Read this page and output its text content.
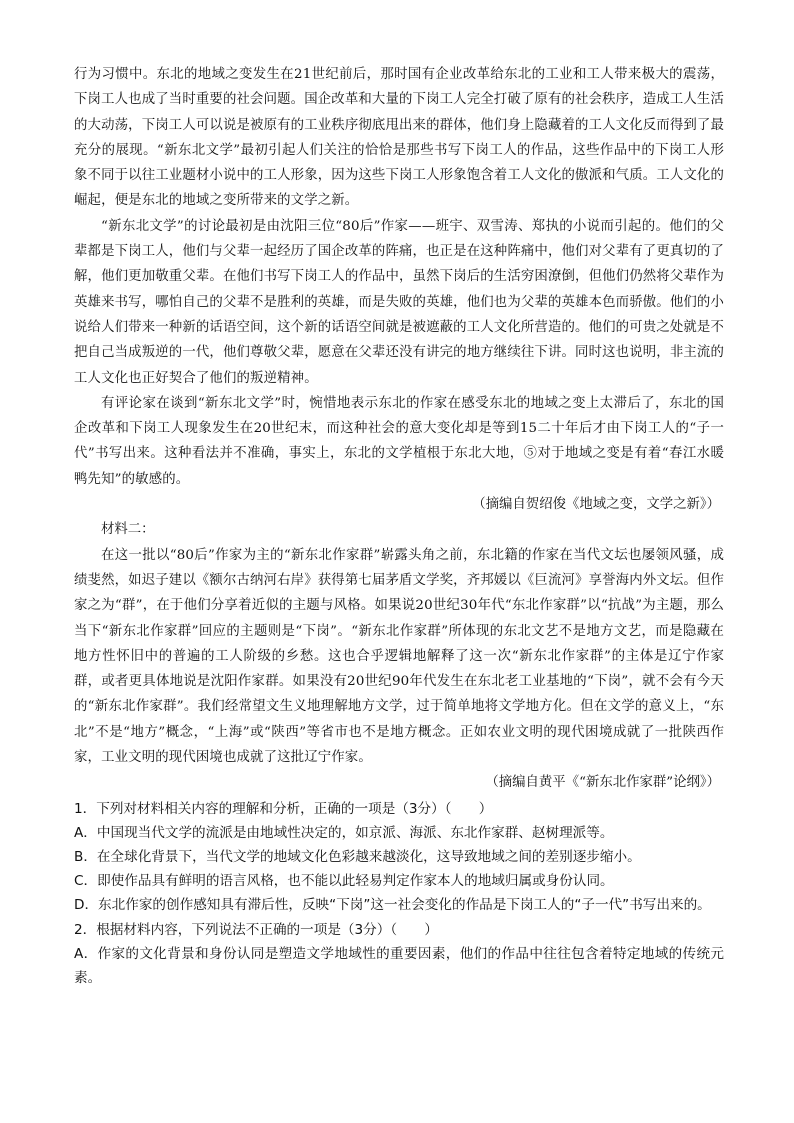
行为习惯中。东北的地域之变发生在21世纪前后，那时国有企业改革给东北的工业和工人带来极大的震荡，下岗工人也成了当时重要的社会问题。国企改革和大量的下岗工人完全打破了原有的社会秩序，造成工人生活的大动荡，下岗工人可以说是被原有的工业秩序彻底甩出来的群体，他们身上隐藏着的工人文化反而得到了最充分的展现。“新东北文学”最初引起人们关注的恰恰是那些书写下岗工人的作品，这些作品中的下岗工人形象不同于以往工业题材小说中的工人形象，因为这些下岗工人形象饱含着工人文化的傲派和气质。工人文化的崛起，便是东北的地域之变所带来的文学之新。

“新东北文学”的讨论最初是由沈阳三位“80后”作家——班宇、双雪涛、郑执的小说而引起的。他们的父辈都是下岗工人，他们与父辈一起经历了国企改革的阵痛，也正是在这种阵痛中，他们对父辈有了更真切的了解，他们更加敬重父辈。在他们书写下岗工人的作品中，虽然下岗后的生活穷困潦倒，但他们仍然将父辈作为英雄来书写，哪怕自己的父辈不是胜利的英雄，而是失败的英雄，他们也为父辈的英雄本色而骄傲。他们的小说给人们带来一种新的话语空间，这个新的话语空间就是被遮蔽的工人文化所营造的。他们的可贵之处就是不把自己当成叛逆的一代，他们尊敬父辈，愿意在父辈还没有讲完的地方继续往下讲。同时这也说明，非主流的工人文化也正好契合了他们的叛逆精神。

有评论家在谈到“新东北文学”时，惋惜地表示东北的作家在感受东北的地域之变上太滞后了，东北的国企改革和下岗工人现象发生在20世纪末，而这种社会的意大变化却是等到15二十年后才由下岗工人的“子一代”书写出来。这种看法并不准确，事实上，东北的文学植根于东北大地，⑤对于地域之变是有着“春江水暖鸭先知”的敏感的。

（摘编自贺绍俊《地域之变，文学之新》）

材料二：

在这一批以“80后”作家为主的“新东北作家群”崭露头角之前，东北籍的作家在当代文坛也屡领风骚，成绩斐然，如迟子建以《额尔古纳河右岸》获得第七届茅盾文学奖，齐邦媛以《巨流河》享誉海内外文坛。但作家之为“群”，在于他们分享着近似的主题与风格。如果说20世纪30年代“东北作家群”以“抗战”为主题，那么当下“新东北作家群”回应的主题则是“下岗”。“新东北作家群”所体现的东北文艺不是地方文艺，而是隐藏在地方性怀旧中的普遍的工人阶级的乡愁。这也合乎逻辑地解释了这一次“新东北作家群”的主体是辽宁作家群，或者更具体地说是沈阳作家群。如果没有20世纪90年代发生在东北老工业基地的“下岗”，就不会有今天的“新东北作家群”。我们经常望文生义地理解地方文学，过于简单地将文学地方化。但在文学的意义上，“东北”不是“地方”概念，“上海”或“陕西”等省市也不是地方概念。正如农业文明的现代困境成就了一批陕西作家，工业文明的现代困境也成就了这批辽宁作家。

（摘编自黄平《“新东北作家群”论纲》）

1．下列对材料相关内容的理解和分析，正确的一项是（3分）（　　）

A．中国现当代文学的流派是由地域性决定的，如京派、海派、东北作家群、赵树理派等。

B．在全球化背景下，当代文学的地域文化色彩越来越淡化，这导致地域之间的差别逐步缩小。

C．即使作品具有鲜明的语言风格，也不能以此轻易判定作家本人的地域归属或身份认同。

D．东北作家的创作感知具有滞后性，反映“下岗”这一社会变化的作品是下岗工人的“子一代”书写出来的。

2．根据材料内容，下列说法不正确的一项是（3分）（　　）

A．作家的文化背景和身份认同是塑造文学地域性的重要因素，他们的作品中往往包含着特定地域的传统元素。
